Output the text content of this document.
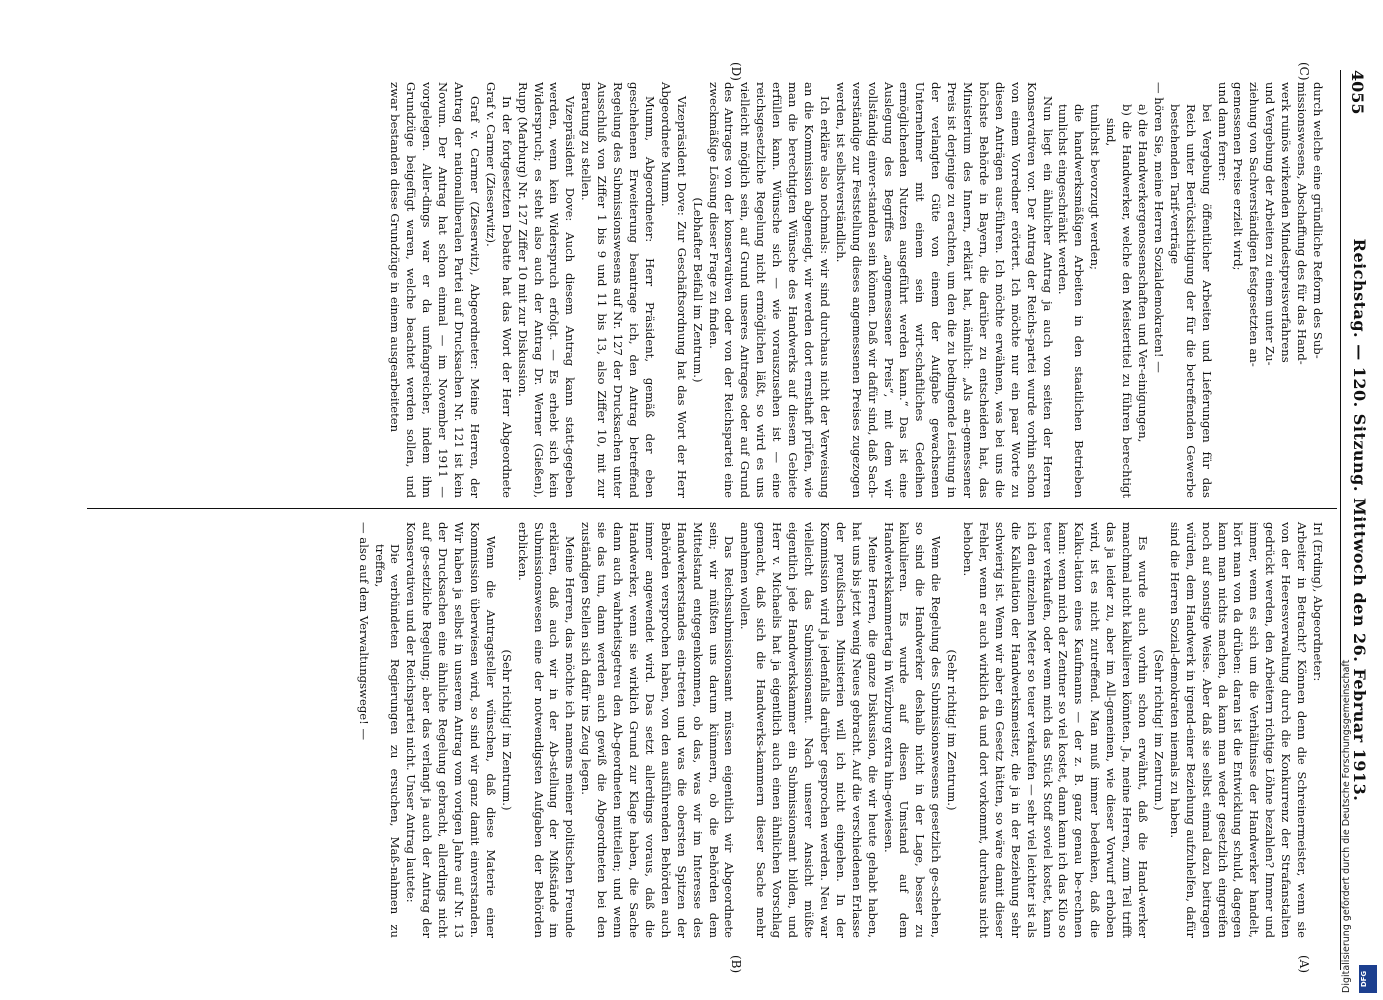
4055
Reichstag. — 120. Sitzung. Mittwoch den 26. Februar 1913.
(C)
(D)
(A)
(B)

durch welche eine gründliche Reform des Sub-

missionswesens, Abschaffung des für das Hand-

werk ruinös wirkenden Mindestpreisverfahrens

und Vergebung der Arbeiten zu einem unter Zu-

ziehung von Sachverständigen festgesetzten an-

gemessenen Preise erzielt wird;

und dann ferner:

bei Vergebung öffentlicher Arbeiten und Lieferungen für das Reich unter Berücksichtigung der für die betreffenden Gewerbe bestehenden Tarif-verträge

— hören Sie, meine Herren Sozialdemokraten! —

a) die Handwerkergenossenschaften und Ver-einigungen,

b) die Handwerker, welche den Meistertitel zu führen berechtigt sind,

tunlichst bevorzugt werden;

die handwerksmäßigen Arbeiten in den staatlichen Betrieben tunlichst eingeschränkt werden.

Nun liegt ein ähnlicher Antrag ja auch von seiten der Herren Konservativen vor. Der Antrag der Reichs-partei wurde vorhin schon von einem Vorredner erörtert. Ich möchte nur ein paar Worte zu diesen Anträgen aus-führen. Ich möchte erwähnen, was bei uns die höchste Behörde in Bayern, die darüber zu entscheiden hat, das Ministerium des Innern, erklärt hat, nämlich: „Als an-gemessener Preis ist derjenige zu erachten, um den die zu bedingende Leistung in der verlangten Güte von einem der Aufgabe gewachsenen Unternehmer mit einem sein wirt-schaftliches Gedeihen ermöglichenden Nutzen ausgeführt werden kann.“ Das ist eine Auslegung des Begriffes „angemessener Preis“, mit dem wir vollständig einver-standen sein können. Daß wir dafür sind, daß Sach-verständige zur Feststellung dieses angemessenen Preises zugezogen werden, ist selbstverständlich.

Ich erkläre also nochmals: wir sind durchaus nicht der Verweisung an die Kommission abgeneigt, wir werden dort ernsthaft prüfen, wie man die berechtigten Wünsche des Handwerks auf diesem Gebiete erfüllen kann. Wünsche sich — wie vorauszusehen ist — eine reichsgesetzliche Regelung nicht ermöglichen läßt, so wird es uns vielleicht möglich sein, auf Grund unseres Antrages oder auf Grund des Antrages von der konservativen oder von der Reichspartei eine zweckmäßige Lösung dieser Frage zu finden.

(Lebhafter Beifall im Zentrum.)

Vizepräsident Dove: Zur Geschäftsordnung hat das Wort der Herr Abgeordnete Mumm.

Mumm, Abgeordneter: Herr Präsident, gemäß der eben geschehenen Erweiterung beantrage ich, den Antrag betreffend Regelung des Submissionswesens auf Nr. 127 der Drucksachen unter Ausschluß von Ziffer 1 bis 9 und 11 bis 13, also Ziffer 10, mit zur Beratung zu stellen.

Vizepräsident Dove: Auch diesem Antrag kann statt-gegeben werden, wenn kein Widerspruch erfolgt. — Es erhebt sich kein Widerspruch; es steht also auch der Antrag Dr. Werner (Gießen), Rupp (Marburg) Nr. 127 Ziffer 10 mit zur Diskussion.

In der fortgesetzten Debatte hat das Wort der Herr Abgeordnete Graf v. Carmer (Zieserwitz).

Graf v. Carmer (Zieserwitz), Abgeordneter: Meine Herren, der Antrag der nationalliberalen Partei auf Drucksachen Nr. 121 ist kein Novum. Der Antrag hat schon einmal — im November 1911 — vorgelegen. Aller-dings war er da umfangreicher, indem ihm Grundzüge beigefügt waren, welche beachtet werden sollen, und zwar bestanden diese Grundzüge in einem ausgearbeiteten

Irl (Erding), Abgeordneter:

Arbeiter in Betracht? Können denn die Schreinermeister, wenn sie von der Heeresverwaltung durch die Konkurrenz der Strafanstalten gedrückt werden, den Arbeitern richtige Löhne bezahlen? Immer und immer, wenn es sich um die Verhältnisse der Handwerker handelt, hört man von da drüben: daran ist die Entwicklung schuld, dagegen kann man nichts machen, da kann man weder gesetzlich eingreifen noch auf sonstige Weise. Aber daß sie selbst einmal dazu beitragen würden, dem Handwerk in irgend-einer Beziehung aufzuhelfen, dafür sind die Herren Sozial-demokraten niemals zu haben.

(Sehr richtig! im Zentrum.)

Es wurde auch vorhin schon erwähnt, daß die Hand-werker manchmal nicht kalkulieren könnten. Ja, meine Herren, zum Teil trifft das ja leider zu, aber im All-gemeinen, wie dieser Vorwurf erhoben wird, ist es nicht zutreffend. Man muß immer bedenken, daß die Kalku-lation eines Kaufmanns — der z. B. ganz genau be-rechnen kann: wenn mich der Zentner so viel kostet, dann kann ich das Kilo so teuer verkaufen, oder wenn mich das Stück Stoff soviel kostet, kann ich den einzelnen Meter so teuer verkaufen — sehr viel leichter ist als die Kalkulation der Handwerksmeister, die ja in der Beziehung sehr schwierig ist. Wenn wir aber ein Gesetz hätten, so wäre damit dieser Fehler, wenn er auch wirklich da und dort vorkommt, durchaus nicht behoben.

(Sehr richtig! im Zentrum.)

Wenn die Regelung des Submissionswesens gesetzlich ge-schehen, so sind die Handwerker deshalb nicht in der Lage, besser zu kalkulieren. Es wurde auf diesen Umstand auf dem Handwerkskammertag in Würzburg extra hin-gewiesen.

Meine Herren, die ganze Diskussion, die wir heute gehabt haben, hat uns bis jetzt wenig Neues gebracht. Auf die verschiedenen Erlasse der preußischen Ministerien will ich nicht eingehen. In der Kommission wird ja jedenfalls darüber gesprochen werden. Neu war vielleicht das Submissionsamt. Nach unserer Ansicht müßte eigentlich jede Handwerkskammer ein Submissionsamt bilden, und Herr v. Michaelis hat ja eigentlich auch einen ähnlichen Vorschlag gemacht, daß sich die Handwerks-kammern dieser Sache mehr annehmen wollen.

Das Reichssubmissionsamt müssen eigentlich wir Abgeordnete sein; wir müßten uns darum kümmern, ob die Behörden dem Mittelstand entgegenkommen, ob das, was wir im Interesse des Handwerkerstandes ein-treten und was die obersten Spitzen der Behörden versprochen haben, von den ausführenden Behörden auch immer angewendet wird. Das setzt allerdings voraus, daß die Handwerker, wenn sie wirklich Grund zur Klage haben, die Sache dann auch wahrheitsgetreu den Ab-geordneten mitteilen; und wenn sie das tun, dann werden auch gewiß die Abgeordneten bei den zuständigen Stellen sich dafür ins Zeug legen.

Meine Herren, das möchte ich namens meiner politischen Freunde erklären, daß auch wir in der Ab-stellung der Mißstände im Submissionswesen eine der notwendigsten Aufgaben der Behörden erblicken.

(Sehr richtig! im Zentrum.)

Wenn die Antragsteller wünschen, daß diese Materie einer Kommission überwiesen wird, so sind wir ganz damit einverstanden. Wir haben ja selbst in unserem Antrag vom vorigen Jahre auf Nr. 13 der Drucksachen eine ähnliche Regelung gebracht, allerdings nicht auf ge-setzliche Regelung; aber das verlangt ja auch der Antrag der Konservativen und der Reichspartei nicht. Unser Antrag lautete:

Die verbündeten Regierungen zu ersuchen, Maß-nahmen zu treffen,

— also auf dem Verwaltungswege! —

Digitalisierung gefördert durch die Deutsche Forschungsgemeinschaft	DFG
